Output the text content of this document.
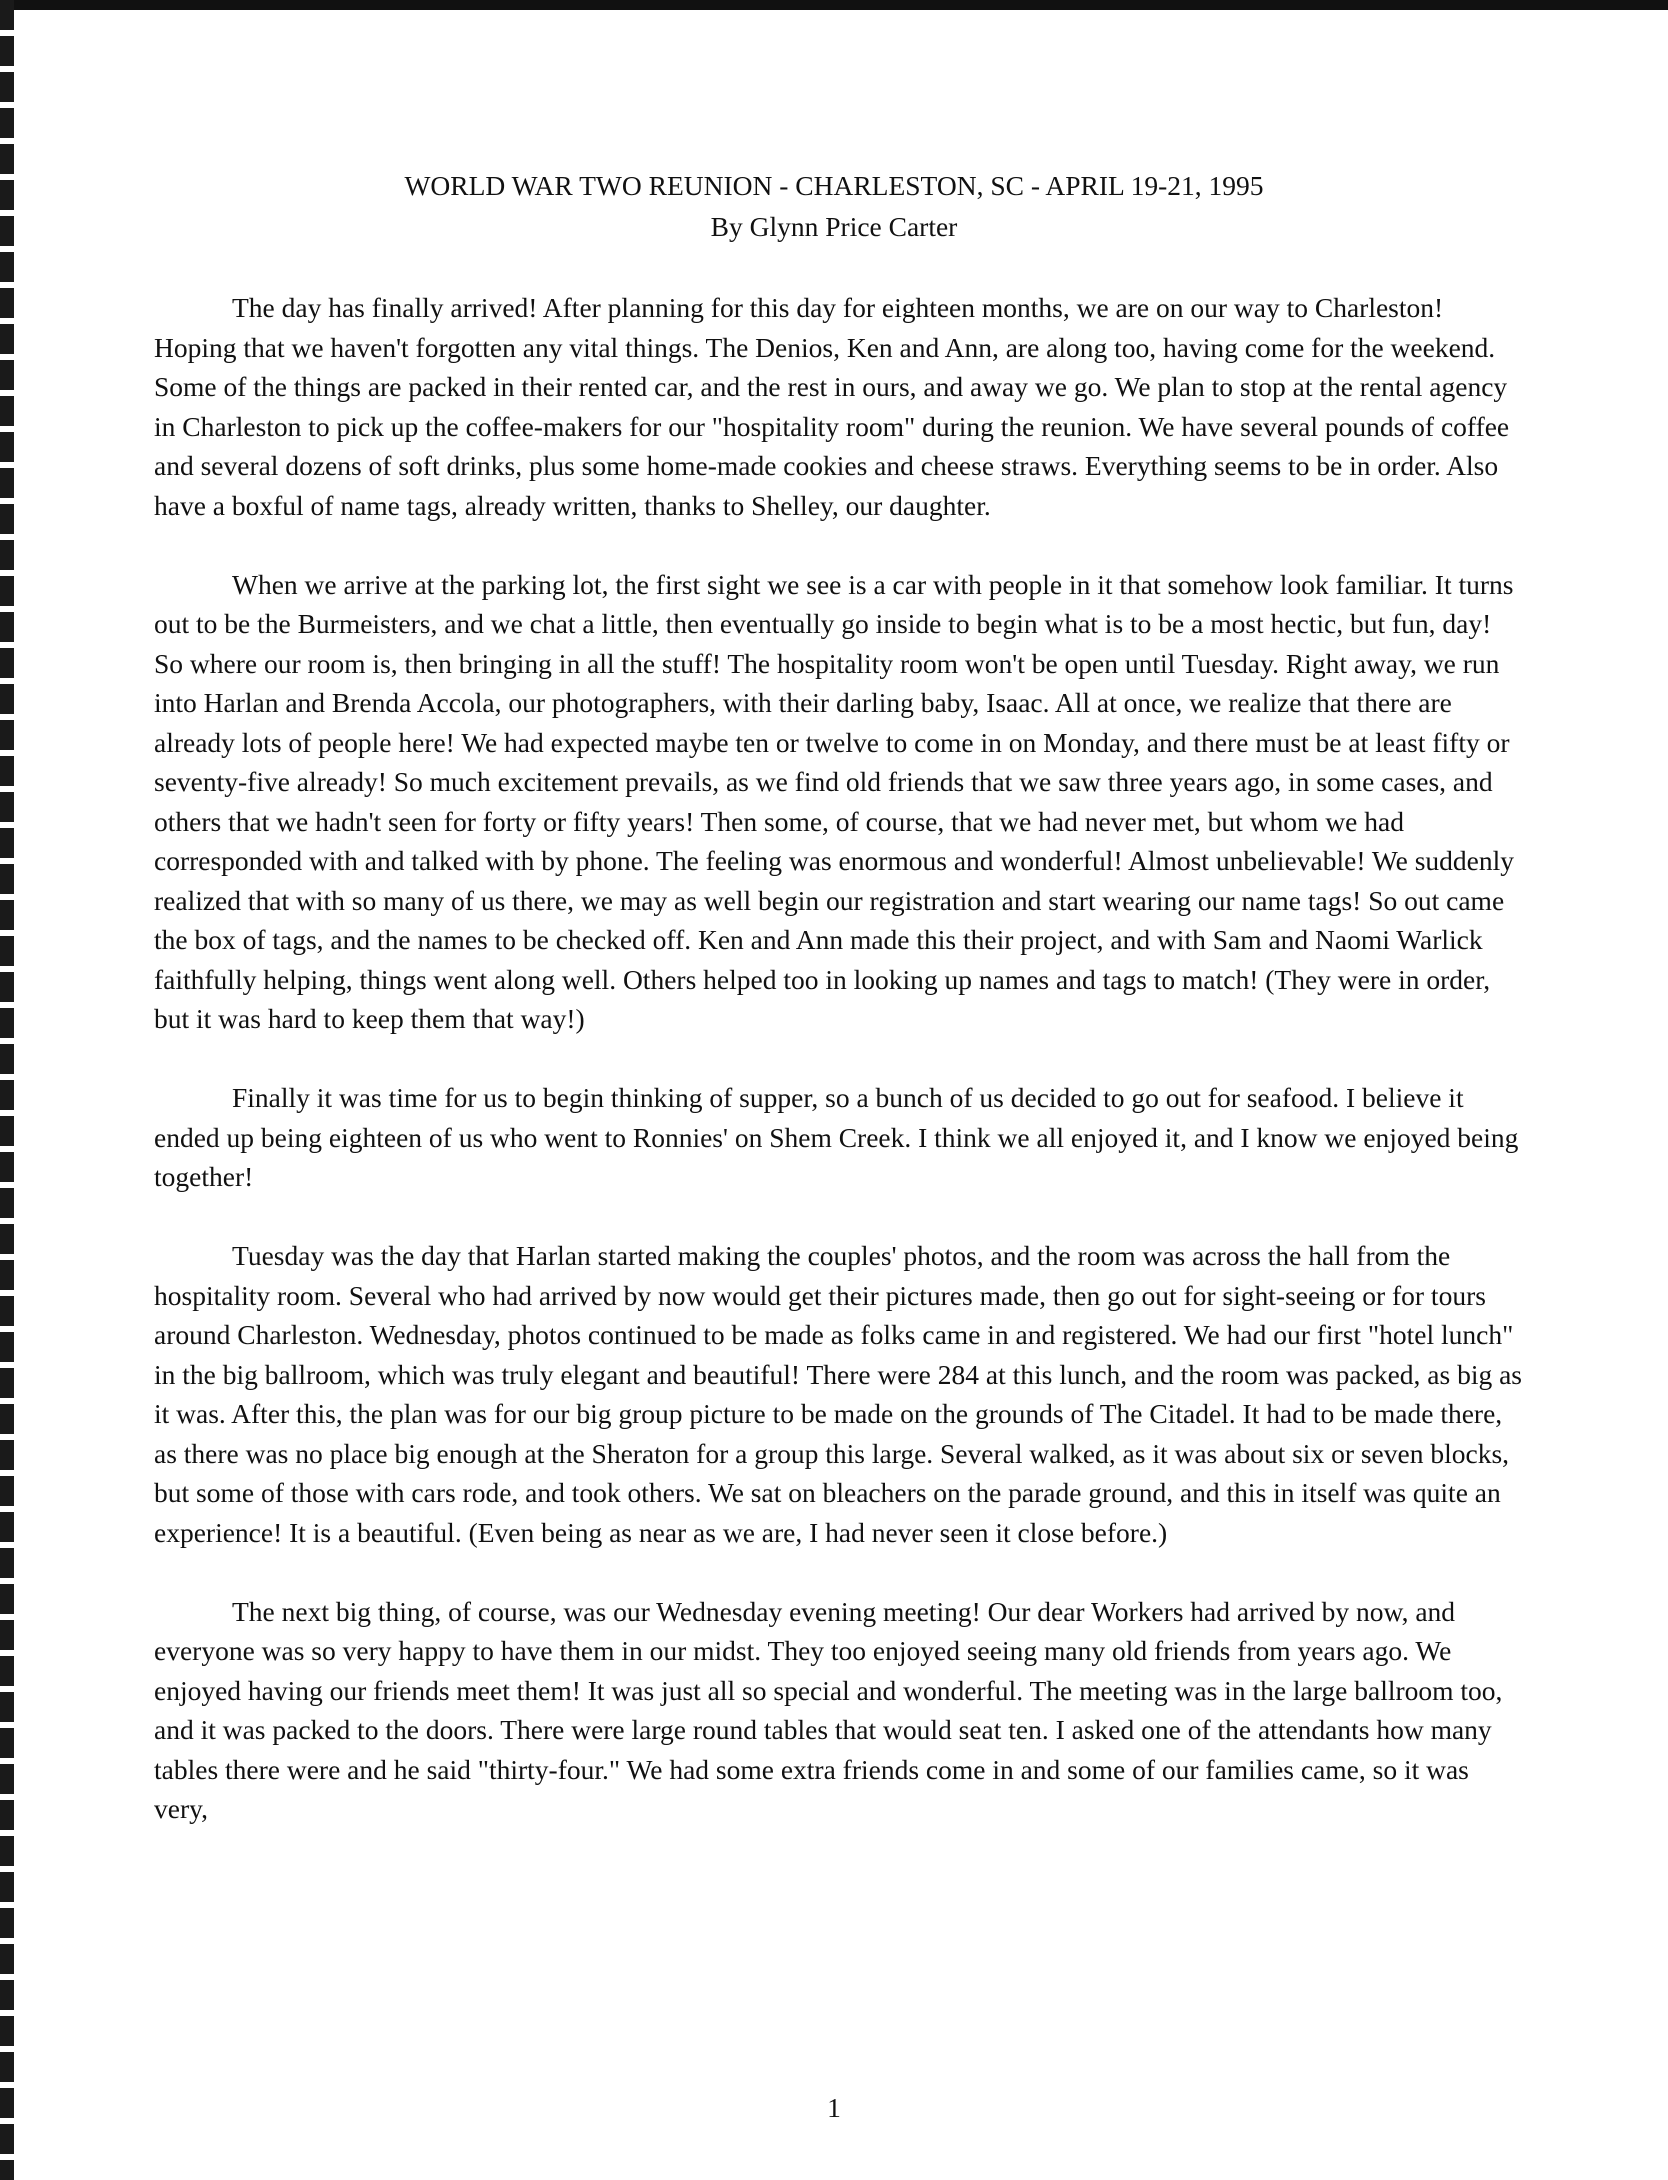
WORLD WAR TWO REUNION - CHARLESTON, SC - APRIL 19-21, 1995
By Glynn Price Carter

The day has finally arrived! After planning for this day for eighteen months, we are on our way to Charleston! Hoping that we haven't forgotten any vital things. The Denios, Ken and Ann, are along too, having come for the weekend. Some of the things are packed in their rented car, and the rest in ours, and away we go. We plan to stop at the rental agency in Charleston to pick up the coffee-makers for our "hospitality room" during the reunion. We have several pounds of coffee and several dozens of soft drinks, plus some home-made cookies and cheese straws. Everything seems to be in order. Also have a boxful of name tags, already written, thanks to Shelley, our daughter.

When we arrive at the parking lot, the first sight we see is a car with people in it that somehow look familiar. It turns out to be the Burmeisters, and we chat a little, then eventually go inside to begin what is to be a most hectic, but fun, day! So where our room is, then bringing in all the stuff! The hospitality room won't be open until Tuesday. Right away, we run into Harlan and Brenda Accola, our photographers, with their darling baby, Isaac. All at once, we realize that there are already lots of people here! We had expected maybe ten or twelve to come in on Monday, and there must be at least fifty or seventy-five already! So much excitement prevails, as we find old friends that we saw three years ago, in some cases, and others that we hadn't seen for forty or fifty years! Then some, of course, that we had never met, but whom we had corresponded with and talked with by phone. The feeling was enormous and wonderful! Almost unbelievable! We suddenly realized that with so many of us there, we may as well begin our registration and start wearing our name tags! So out came the box of tags, and the names to be checked off. Ken and Ann made this their project, and with Sam and Naomi Warlick faithfully helping, things went along well. Others helped too in looking up names and tags to match! (They were in order, but it was hard to keep them that way!)

Finally it was time for us to begin thinking of supper, so a bunch of us decided to go out for seafood. I believe it ended up being eighteen of us who went to Ronnies' on Shem Creek. I think we all enjoyed it, and I know we enjoyed being together!

Tuesday was the day that Harlan started making the couples' photos, and the room was across the hall from the hospitality room. Several who had arrived by now would get their pictures made, then go out for sight-seeing or for tours around Charleston. Wednesday, photos continued to be made as folks came in and registered. We had our first "hotel lunch" in the big ballroom, which was truly elegant and beautiful! There were 284 at this lunch, and the room was packed, as big as it was. After this, the plan was for our big group picture to be made on the grounds of The Citadel. It had to be made there, as there was no place big enough at the Sheraton for a group this large. Several walked, as it was about six or seven blocks, but some of those with cars rode, and took others. We sat on bleachers on the parade ground, and this in itself was quite an experience! It is a beautiful. (Even being as near as we are, I had never seen it close before.)

The next big thing, of course, was our Wednesday evening meeting! Our dear Workers had arrived by now, and everyone was so very happy to have them in our midst. They too enjoyed seeing many old friends from years ago. We enjoyed having our friends meet them! It was just all so special and wonderful. The meeting was in the large ballroom too, and it was packed to the doors. There were large round tables that would seat ten. I asked one of the attendants how many tables there were and he said "thirty-four." We had some extra friends come in and some of our families came, so it was very,

1
